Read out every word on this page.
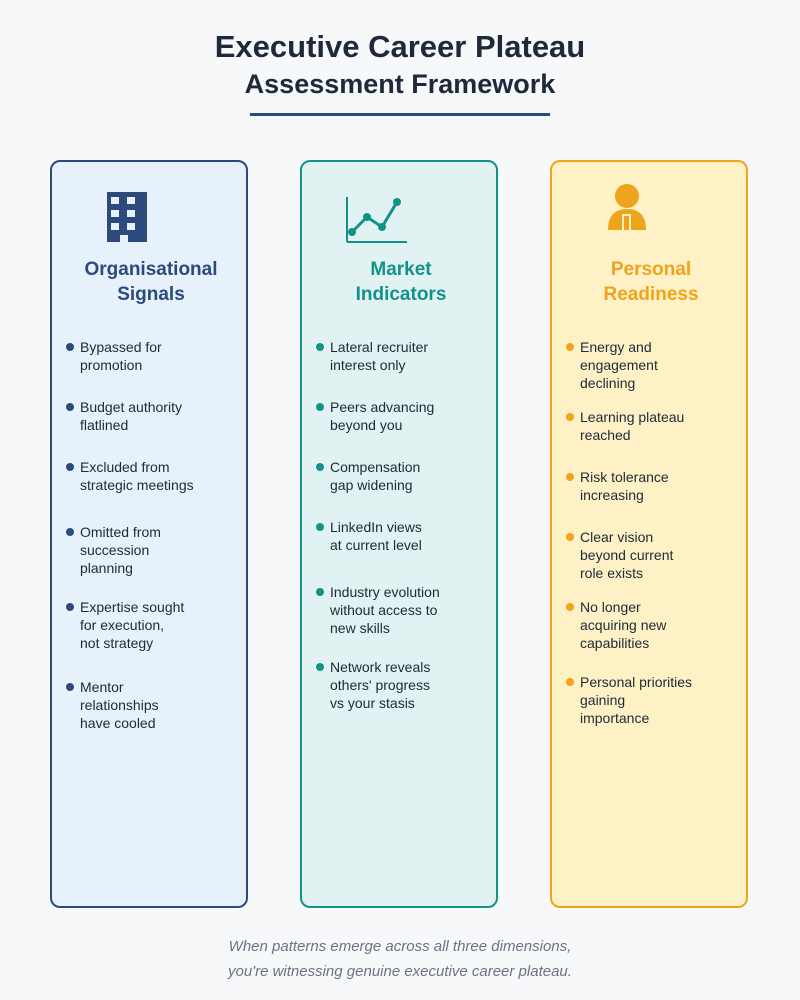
Executive Career Plateau
Assessment Framework
Organisational
Signals
Bypassed for
promotion
Budget authority
flatlined
Excluded from
strategic meetings
Omitted from
succession
planning
Expertise sought
for execution,
not strategy
Mentor
relationships
have cooled
Market
Indicators
Lateral recruiter
interest only
Peers advancing
beyond you
Compensation
gap widening
LinkedIn views
at current level
Industry evolution
without access to
new skills
Network reveals
others' progress
vs your stasis
Personal
Readiness
Energy and
engagement
declining
Learning plateau
reached
Risk tolerance
increasing
Clear vision
beyond current
role exists
No longer
acquiring new
capabilities
Personal priorities
gaining
importance
When patterns emerge across all three dimensions,
you're witnessing genuine executive career plateau.
